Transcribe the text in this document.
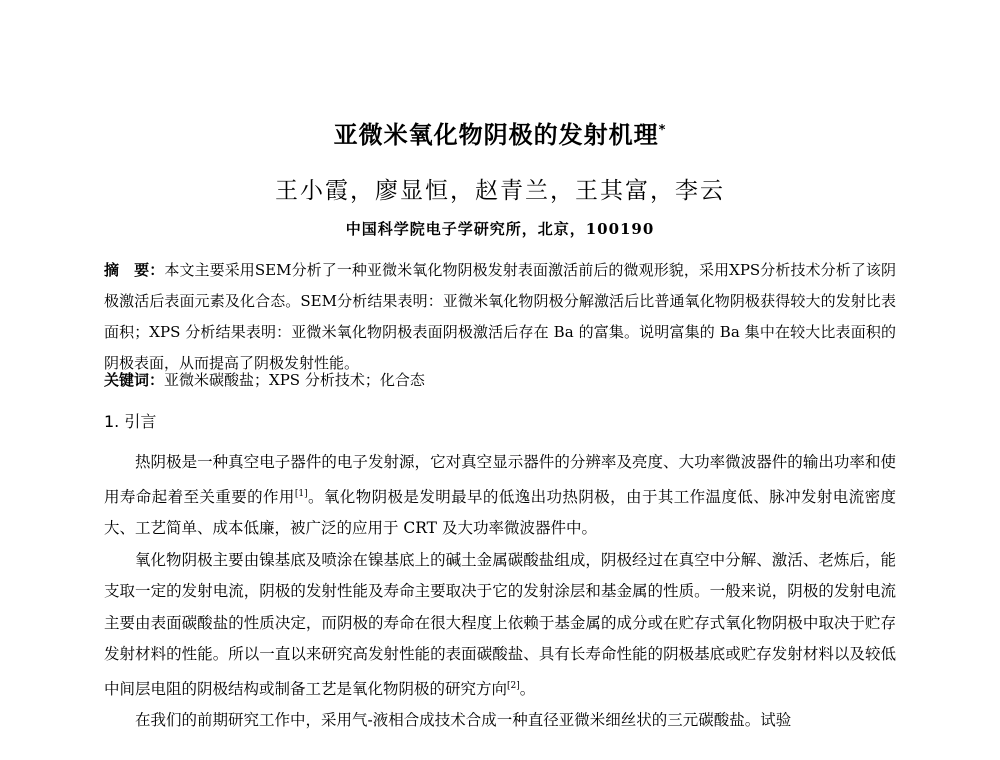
亚微米氧化物阴极的发射机理*
王小霞，廖显恒，赵青兰，王其富，李云
中国科学院电子学研究所，北京，100190
摘　要：本文主要采用SEM分析了一种亚微米氧化物阴极发射表面激活前后的微观形貌，采用XPS分析技术分析了该阴极激活后表面元素及化合态。SEM分析结果表明：亚微米氧化物阴极分解激活后比普通氧化物阴极获得较大的发射比表面积；XPS 分析结果表明：亚微米氧化物阴极表面阴极激活后存在 Ba 的富集。说明富集的 Ba 集中在较大比表面积的阴极表面，从而提高了阴极发射性能。
关键词：亚微米碳酸盐；XPS 分析技术；化合态
1. 引言

热阴极是一种真空电子器件的电子发射源，它对真空显示器件的分辨率及亮度、大功率微波器件的输出功率和使用寿命起着至关重要的作用[1]。氧化物阴极是发明最早的低逸出功热阴极，由于其工作温度低、脉冲发射电流密度大、工艺简单、成本低廉，被广泛的应用于 CRT 及大功率微波器件中。

氧化物阴极主要由镍基底及喷涂在镍基底上的碱土金属碳酸盐组成，阴极经过在真空中分解、激活、老炼后，能支取一定的发射电流，阴极的发射性能及寿命主要取决于它的发射涂层和基金属的性质。一般来说，阴极的发射电流主要由表面碳酸盐的性质决定，而阴极的寿命在很大程度上依赖于基金属的成分或在贮存式氧化物阴极中取决于贮存发射材料的性能。所以一直以来研究高发射性能的表面碳酸盐、具有长寿命性能的阴极基底或贮存发射材料以及较低中间层电阻的阴极结构或制备工艺是氧化物阴极的研究方向[2]。

在我们的前期研究工作中，采用气-液相合成技术合成一种直径亚微米细丝状的三元碳酸盐。试验
